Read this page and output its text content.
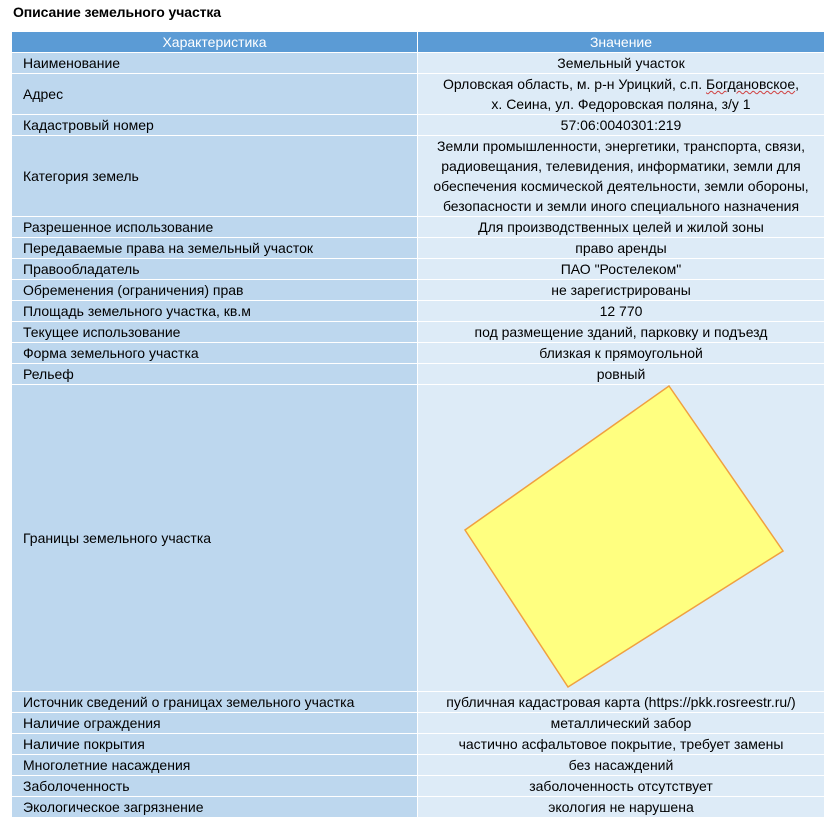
Описание земельного участка
Характеристика	Значение
Наименование	Земельный участок
Адрес	Орловская область, м. р-н Урицкий, с.п. Богдановское,
х. Сеина, ул. Федоровская поляна, з/у 1

Кадастровый номер	57:06:0040301:219
Категория земель	Земли промышленности, энергетики, транспорта, связи,
радиовещания, телевидения, информатики, земли для
обеспечения космической деятельности, земли обороны,
безопасности и земли иного специального назначения

Разрешенное использование	Для производственных целей и жилой зоны
Передаваемые права на земельный участок	право аренды
Правообладатель	ПАО "Ростелеком"
Обременения (ограничения) прав	не зарегистрированы
Площадь земельного участка, кв.м	12 770
Текущее использование	под размещение зданий, парковку и подъезд
Форма земельного участка	близкая к прямоугольной
Рельеф	ровный
Границы земельного участка	

Источник сведений о границах земельного участка	публичная кадастровая карта (https://pkk.rosreestr.ru/)
Наличие ограждения	металлический забор
Наличие покрытия	частично асфальтовое покрытие, требует замены
Многолетние насаждения	без насаждений
Заболоченность	заболоченность отсутствует
Экологическое загрязнение	экология не нарушена
